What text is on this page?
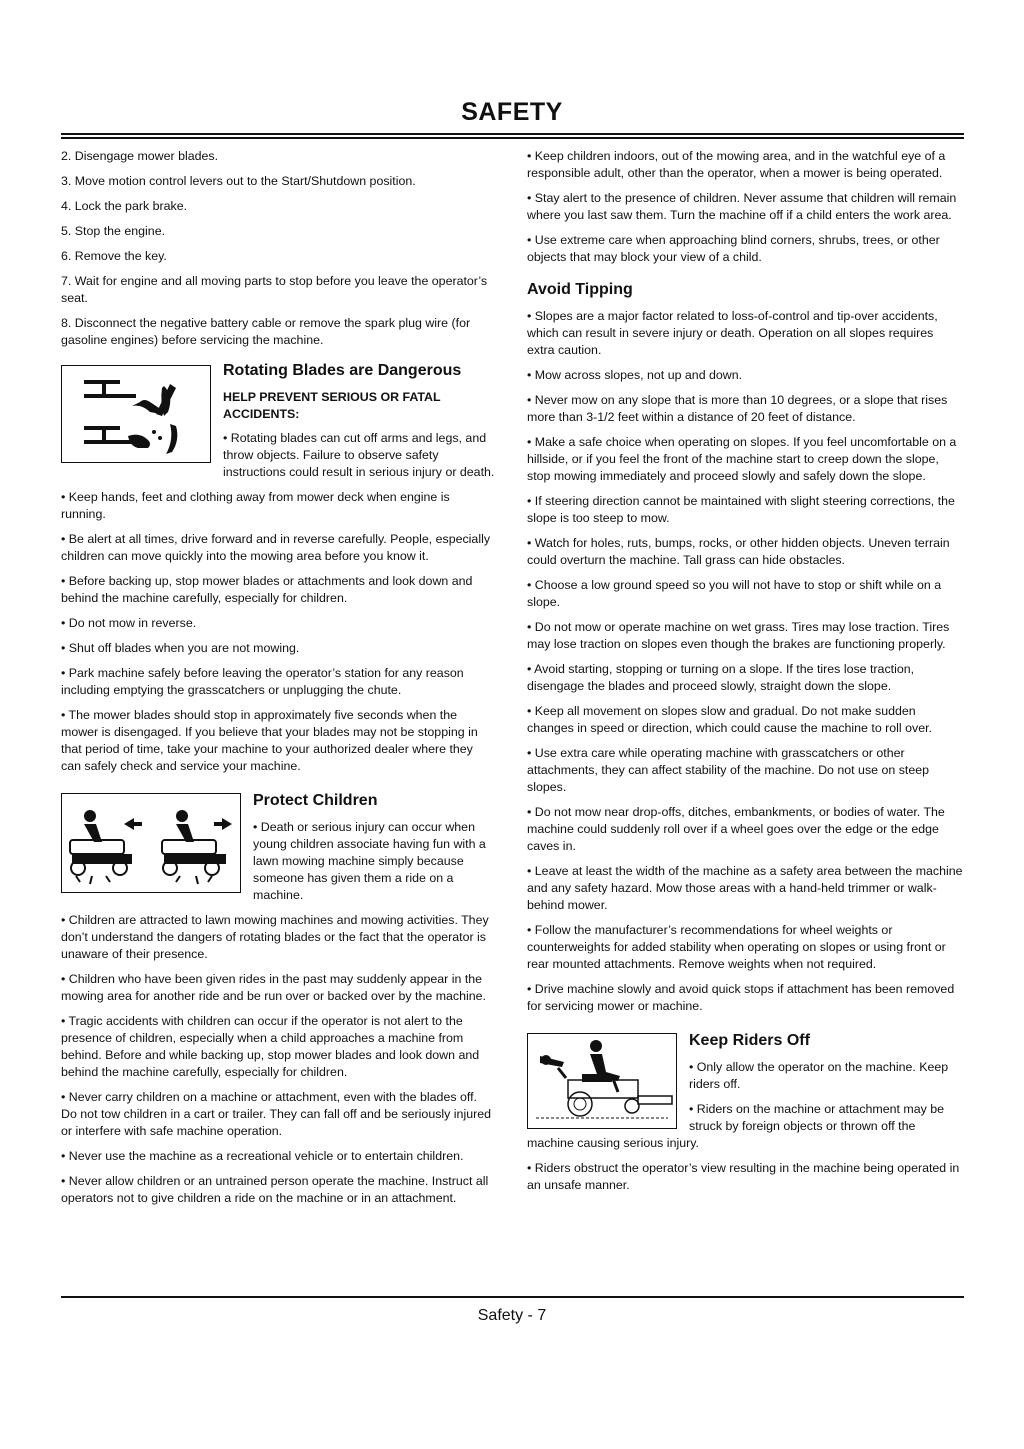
SAFETY

2. Disengage mower blades.

3. Move motion control levers out to the Start/Shutdown position.

4. Lock the park brake.

5. Stop the engine.

6. Remove the key.

7. Wait for engine and all moving parts to stop before you leave the operator’s seat.

8. Disconnect the negative battery cable or remove the spark plug wire (for gasoline engines) before servicing the machine.

Rotating Blades are Dangerous
HELP PREVENT SERIOUS OR FATAL ACCIDENTS:

• Rotating blades can cut off arms and legs, and throw objects. Failure to observe safety instructions could result in serious injury or death.

• Keep hands, feet and clothing away from mower deck when engine is running.

• Be alert at all times, drive forward and in reverse carefully. People, especially children can move quickly into the mowing area before you know it.

• Before backing up, stop mower blades or attachments and look down and behind the machine carefully, especially for children.

• Do not mow in reverse.

• Shut off blades when you are not mowing.

• Park machine safely before leaving the operator’s station for any reason including emptying the grasscatchers or unplugging the chute.

• The mower blades should stop in approximately five seconds when the mower is disengaged. If you believe that your blades may not be stopping in that period of time, take your machine to your authorized dealer where they can safely check and service your machine.

Protect Children

• Death or serious injury can occur when young children associate having fun with a lawn mowing machine simply because someone has given them a ride on a machine.

• Children are attracted to lawn mowing machines and mowing activities. They don’t understand the dangers of rotating blades or the fact that the operator is unaware of their presence.

• Children who have been given rides in the past may suddenly appear in the mowing area for another ride and be run over or backed over by the machine.

• Tragic accidents with children can occur if the operator is not alert to the presence of children, especially when a child approaches a machine from behind. Before and while backing up, stop mower blades and look down and behind the machine carefully, especially for children.

• Never carry children on a machine or attachment, even with the blades off. Do not tow children in a cart or trailer. They can fall off and be seriously injured or interfere with safe machine operation.

• Never use the machine as a recreational vehicle or to entertain children.

• Never allow children or an untrained person operate the machine. Instruct all operators not to give children a ride on the machine or in an attachment.

• Keep children indoors, out of the mowing area, and in the watchful eye of a responsible adult, other than the operator, when a mower is being operated.

• Stay alert to the presence of children. Never assume that children will remain where you last saw them. Turn the machine off if a child enters the work area.

• Use extreme care when approaching blind corners, shrubs, trees, or other objects that may block your view of a child.

Avoid Tipping

• Slopes are a major factor related to loss-of-control and tip-over accidents, which can result in severe injury or death. Operation on all slopes requires extra caution.

• Mow across slopes, not up and down.

• Never mow on any slope that is more than 10 degrees, or a slope that rises more than 3-1/2 feet within a distance of 20 feet of distance.

• Make a safe choice when operating on slopes. If you feel uncomfortable on a hillside, or if you feel the front of the machine start to creep down the slope, stop mowing immediately and proceed slowly and safely down the slope.

• If steering direction cannot be maintained with slight steering corrections, the slope is too steep to mow.

• Watch for holes, ruts, bumps, rocks, or other hidden objects. Uneven terrain could overturn the machine. Tall grass can hide obstacles.

• Choose a low ground speed so you will not have to stop or shift while on a slope.

• Do not mow or operate machine on wet grass. Tires may lose traction. Tires may lose traction on slopes even though the brakes are functioning properly.

• Avoid starting, stopping or turning on a slope. If the tires lose traction, disengage the blades and proceed slowly, straight down the slope.

• Keep all movement on slopes slow and gradual. Do not make sudden changes in speed or direction, which could cause the machine to roll over.

• Use extra care while operating machine with grasscatchers or other attachments, they can affect stability of the machine. Do not use on steep slopes.

• Do not mow near drop-offs, ditches, embankments, or bodies of water. The machine could suddenly roll over if a wheel goes over the edge or the edge caves in.

• Leave at least the width of the machine as a safety area between the machine and any safety hazard. Mow those areas with a hand-held trimmer or walk-behind mower.

• Follow the manufacturer’s recommendations for wheel weights or counterweights for added stability when operating on slopes or using front or rear mounted attachments. Remove weights when not required.

• Drive machine slowly and avoid quick stops if attachment has been removed for servicing mower or machine.

Keep Riders Off

• Only allow the operator on the machine. Keep riders off.

• Riders on the machine or attachment may be struck by foreign objects or thrown off the machine causing serious injury.

• Riders obstruct the operator’s view resulting in the machine being operated in an unsafe manner.

Safety - 7
